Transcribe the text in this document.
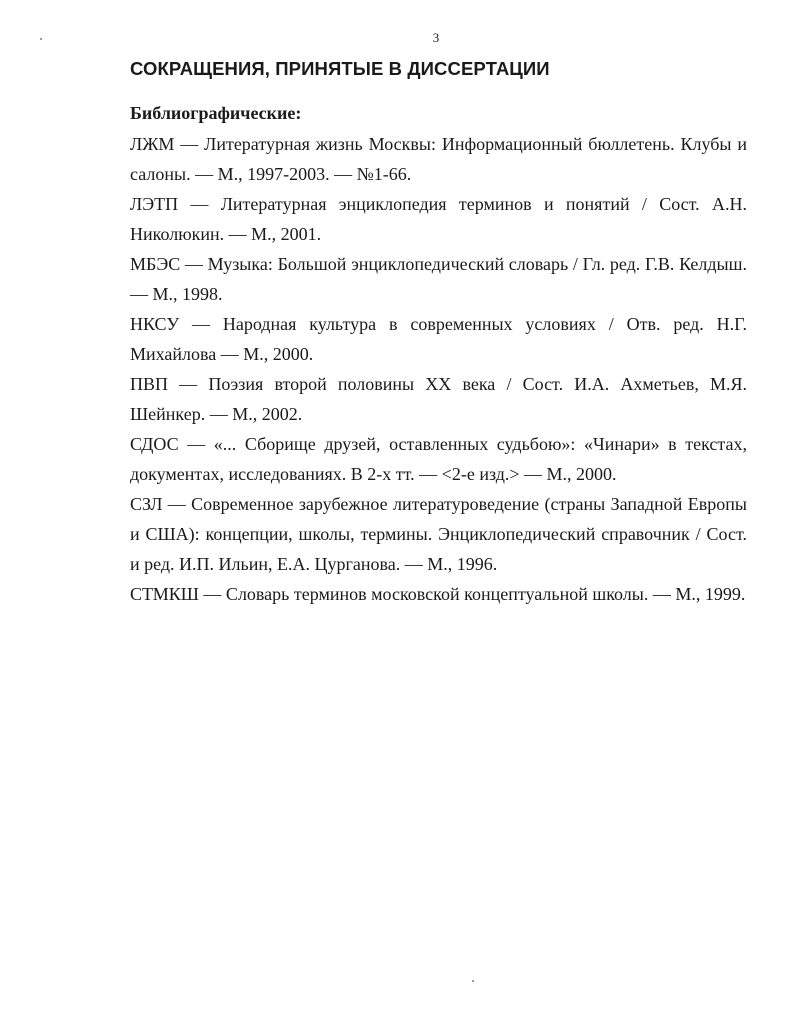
3
СОКРАЩЕНИЯ, ПРИНЯТЫЕ В ДИССЕРТАЦИИ
Библиографические:
ЛЖМ — Литературная жизнь Москвы: Информационный бюллетень. Клубы и салоны. — М., 1997-2003. — №1-66.
ЛЭТП — Литературная энциклопедия терминов и понятий / Сост. А.Н. Николюкин. — М., 2001.
МБЭС — Музыка: Большой энциклопедический словарь / Гл. ред. Г.В. Келдыш. — М., 1998.
НКСУ — Народная культура в современных условиях / Отв. ред. Н.Г. Михайлова — М., 2000.
ПВП — Поэзия второй половины XX века / Сост. И.А. Ахметьев, М.Я. Шейнкер. — М., 2002.
СДОС — «... Сборище друзей, оставленных судьбою»: «Чинари» в текстах, документах, исследованиях. В 2-х тт. — <2-е изд.> — М., 2000.
СЗЛ — Современное зарубежное литературоведение (страны Западной Европы и США): концепции, школы, термины. Энциклопедический справочник / Сост. и ред. И.П. Ильин, Е.А. Цурганова. — М., 1996.
СТМКШ — Словарь терминов московской концептуальной школы. — М., 1999.
